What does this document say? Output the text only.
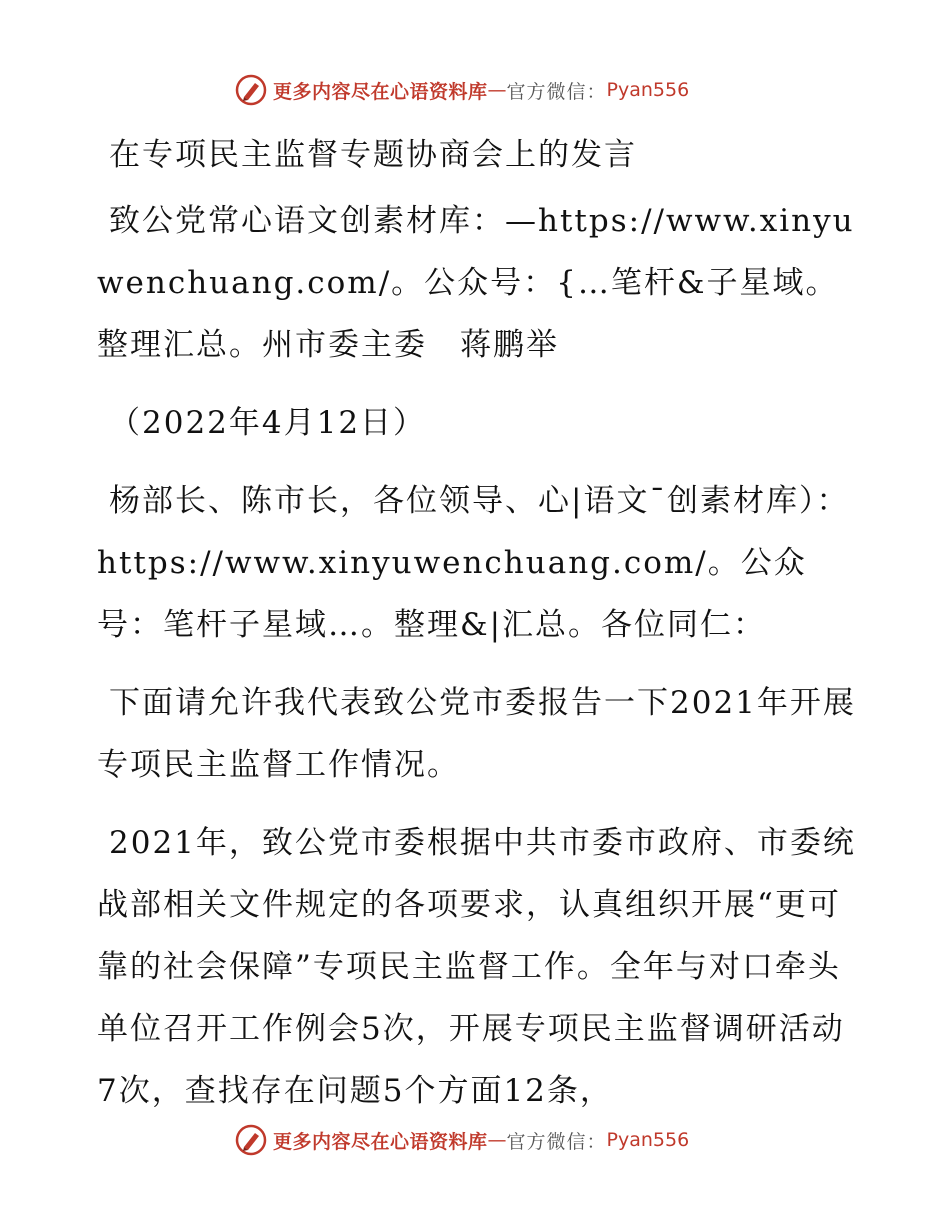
更多内容尽在心语资料库 — 官方微信： Pyan556

在专项民主监督专题协商会上的发言

致公党常心语文创素材库：—https://www.xinyuwenchuang.com/。公众号：{…笔杆&子星域。整理汇总。州市委主委　蒋鹏举

（2022年4月12日）

杨部长、陈市长，各位领导、心|语文¯创素材库）：https://www.xinyuwenchuang.com/。公众号：笔杆子星域…。整理&|汇总。各位同仁：

下面请允许我代表致公党市委报告一下2021年开展专项民主监督工作情况。

2021年，致公党市委根据中共市委市政府、市委统战部相关文件规定的各项要求，认真组织开展“更可靠的社会保障”专项民主监督工作。全年与对口牵头单位召开工作例会5次，开展专项民主监督调研活动7次，查找存在问题5个方面12条，

更多内容尽在心语资料库 — 官方微信： Pyan556
